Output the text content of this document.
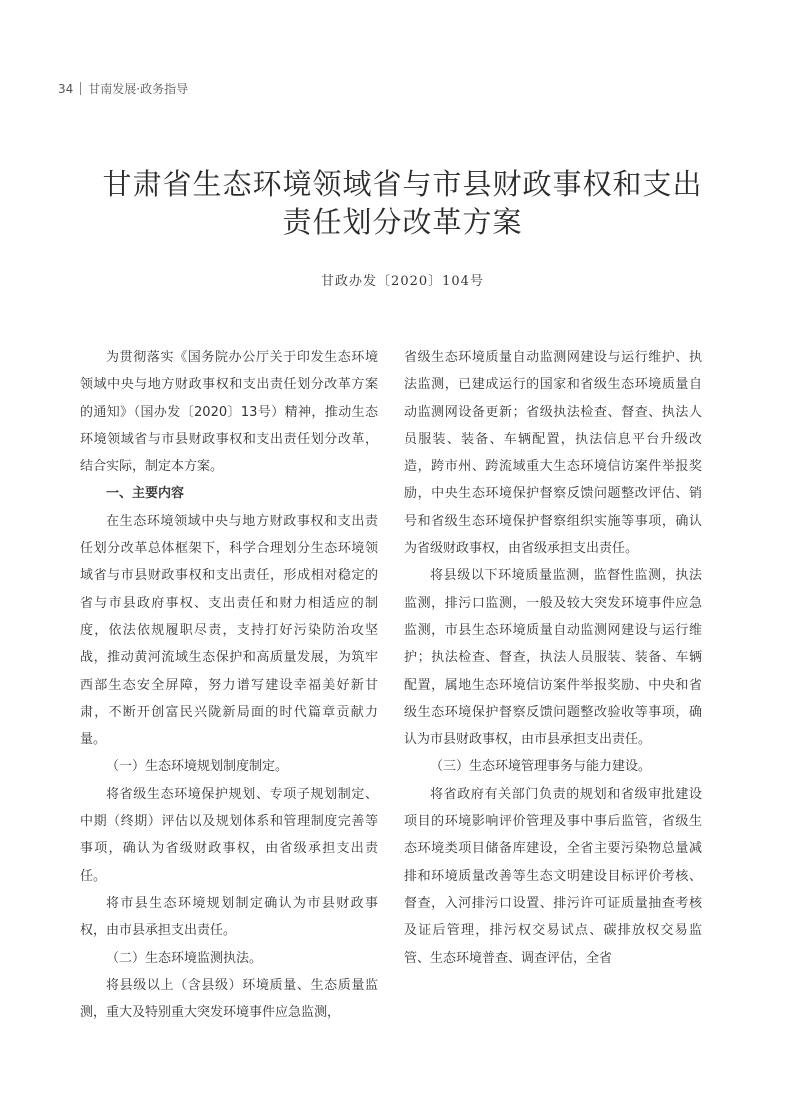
34 甘南发展·政务指导
甘肃省生态环境领域省与市县财政事权和支出
责任划分改革方案
甘政办发〔2020〕104号

为贯彻落实《国务院办公厅关于印发生态环境领域中央与地方财政事权和支出责任划分改革方案的通知》（国办发〔2020〕13号）精神，推动生态环境领域省与市县财政事权和支出责任划分改革，结合实际，制定本方案。

一、主要内容

在生态环境领域中央与地方财政事权和支出责任划分改革总体框架下，科学合理划分生态环境领域省与市县财政事权和支出责任，形成相对稳定的省与市县政府事权、支出责任和财力相适应的制度，依法依规履职尽责，支持打好污染防治攻坚战，推动黄河流域生态保护和高质量发展，为筑牢西部生态安全屏障，努力谱写建设幸福美好新甘肃，不断开创富民兴陇新局面的时代篇章贡献力量。

（一）生态环境规划制度制定。

将省级生态环境保护规划、专项子规划制定、中期（终期）评估以及规划体系和管理制度完善等事项，确认为省级财政事权，由省级承担支出责任。

将市县生态环境规划制定确认为市县财政事权，由市县承担支出责任。

（二）生态环境监测执法。

将县级以上（含县级）环境质量、生态质量监测，重大及特别重大突发环境事件应急监测，

省级生态环境质量自动监测网建设与运行维护、执法监测，已建成运行的国家和省级生态环境质量自动监测网设备更新；省级执法检查、督查、执法人员服装、装备、车辆配置，执法信息平台升级改造，跨市州、跨流域重大生态环境信访案件举报奖励，中央生态环境保护督察反馈问题整改评估、销号和省级生态环境保护督察组织实施等事项，确认为省级财政事权，由省级承担支出责任。

将县级以下环境质量监测，监督性监测，执法监测，排污口监测，一般及较大突发环境事件应急监测，市县生态环境质量自动监测网建设与运行维护；执法检查、督查，执法人员服装、装备、车辆配置，属地生态环境信访案件举报奖励、中央和省级生态环境保护督察反馈问题整改验收等事项，确认为市县财政事权，由市县承担支出责任。

（三）生态环境管理事务与能力建设。

将省政府有关部门负责的规划和省级审批建设项目的环境影响评价管理及事中事后监管，省级生态环境类项目储备库建设，全省主要污染物总量减排和环境质量改善等生态文明建设目标评价考核、督查，入河排污口设置、排污许可证质量抽查考核及证后管理，排污权交易试点、碳排放权交易监管、生态环境普查、调查评估，全省
